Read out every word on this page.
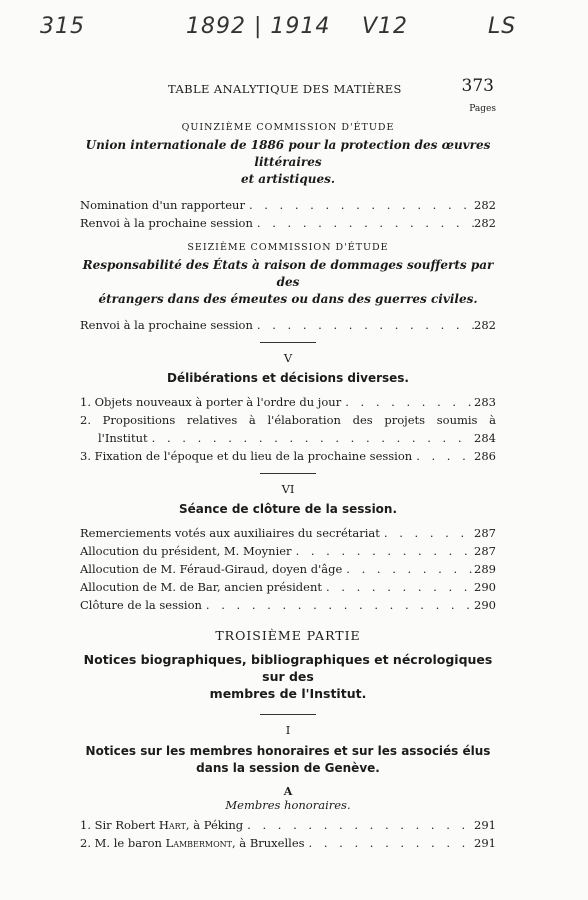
315	1892 | 1914 V12	LS
TABLE ANALYTIQUE DES MATIÈRES	373
Pages
QUINZIÈME COMMISSION D'ÉTUDE
Union internationale de 1886 pour la protection des œuvres littéraires
et artistiques.
Nomination d'un rapporteur . . .	282
Renvoi à la prochaine session . . .	282
SEIZIÈME COMMISSION D'ÉTUDE
Responsabilité des États à raison de dommages soufferts par des
étrangers dans des émeutes ou dans des guerres civiles.
Renvoi à la prochaine session . . .	282
V
Délibérations et décisions diverses.
1. Objets nouveaux à porter à l'ordre du jour . . .	283
2. Propositions relatives à l'élaboration des projets soumis à
l'Institut . . .	284
3. Fixation de l'époque et du lieu de la prochaine session . . .	286
VI
Séance de clôture de la session.
Remerciements votés aux auxiliaires du secrétariat . . .	287
Allocution du président, M. Moynier . . .	287
Allocution de M. Féraud-Giraud, doyen d'âge . . .	289
Allocution de M. de Bar, ancien président . . .	290
Clôture de la session . . .	290
TROISIÈME PARTIE
Notices biographiques, bibliographiques et nécrologiques sur des
membres de l'Institut.
I
Notices sur les membres honoraires et sur les associés élus
dans la session de Genève.
A
Membres honoraires.
1. Sir Robert Hart, à Péking . . .	291
2. M. le baron Lambermont, à Bruxelles . . .	291
